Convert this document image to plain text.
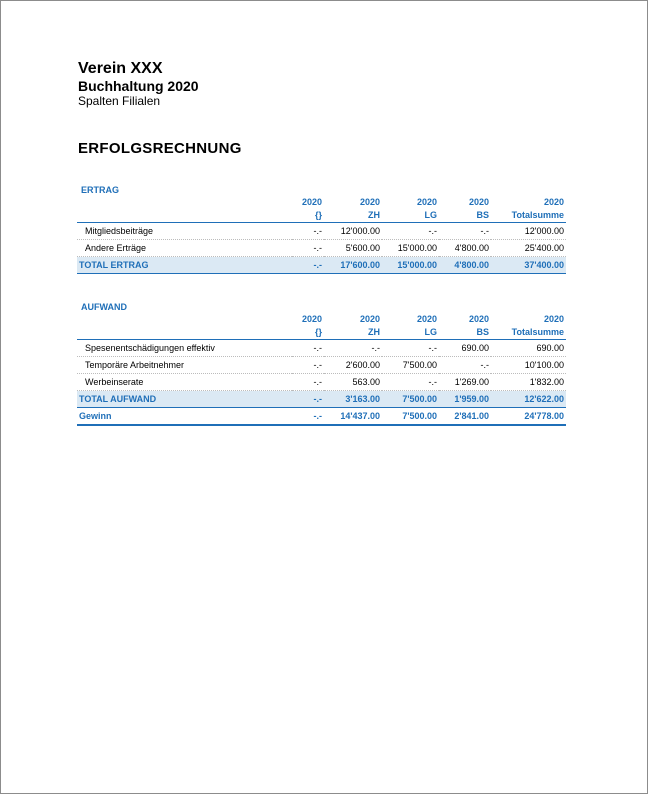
Verein XXX
Buchhaltung 2020
Spalten Filialen
ERFOLGSRECHNUNG
ERTRAG
	2020	2020	2020	2020	2020
	{}	ZH	LG	BS	Totalsumme
Mitgliedsbeiträge	-.-	12'000.00	-.-	-.-	12'000.00
Andere Erträge	-.-	5'600.00	15'000.00	4'800.00	25'400.00
TOTAL ERTRAG	-.-	17'600.00	15'000.00	4'800.00	37'400.00
AUFWAND
	2020	2020	2020	2020	2020
	{}	ZH	LG	BS	Totalsumme
Spesenentschädigungen effektiv	-.-	-.-	-.-	690.00	690.00
Temporäre Arbeitnehmer	-.-	2'600.00	7'500.00	-.-	10'100.00
Werbeinserate	-.-	563.00	-.-	1'269.00	1'832.00
TOTAL AUFWAND	-.-	3'163.00	7'500.00	1'959.00	12'622.00
Gewinn	-.-	14'437.00	7'500.00	2'841.00	24'778.00
